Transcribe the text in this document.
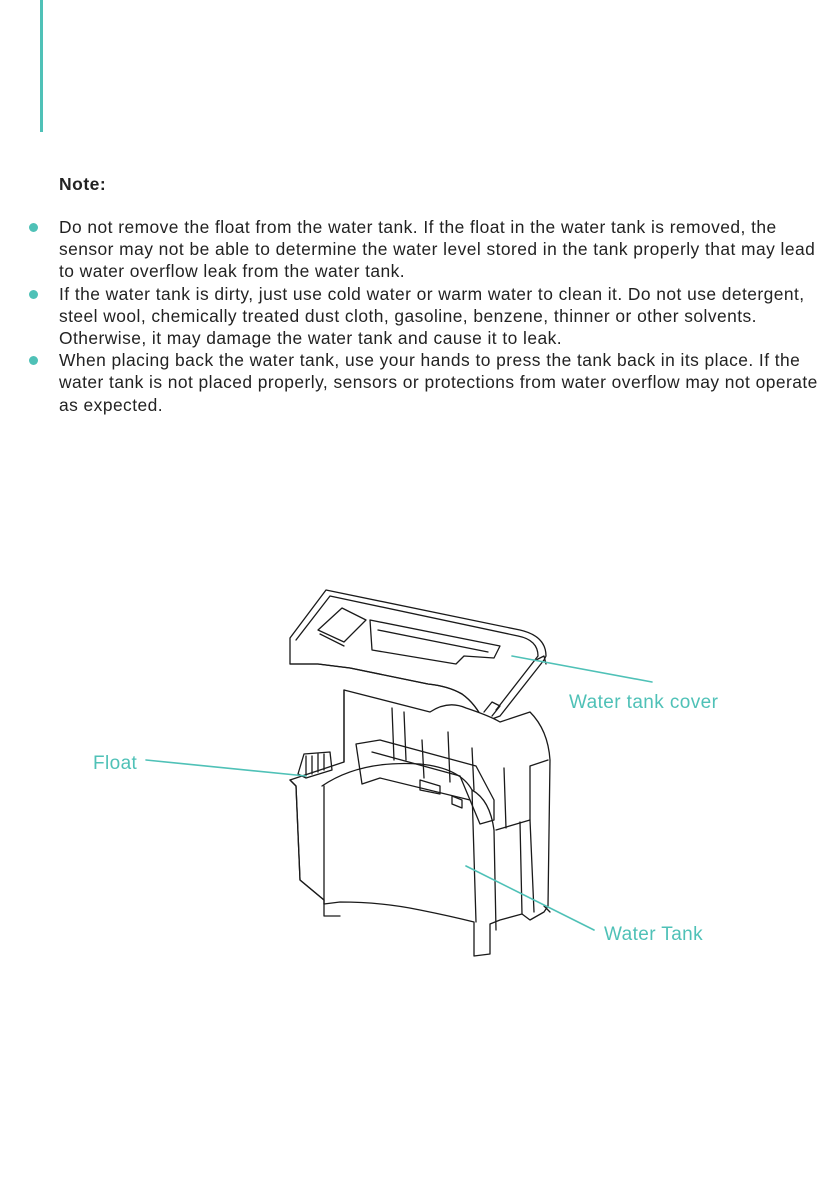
Note:
Do not remove the float from the water tank. If the float in the water tank is removed, the sensor may not be able to determine the water level stored in the tank properly that may lead to water overflow leak from the water tank.
If the water tank is dirty, just use cold water or warm water to clean it. Do not use detergent, steel wool, chemically treated dust cloth, gasoline, benzene, thinner or other solvents. Otherwise, it may damage the water tank and cause it to leak.
When placing back the water tank, use your hands to press the tank back in its place. If the water tank is not placed properly, sensors or protections from water overflow may not operate as expected.
Water tank cover
Float
Water Tank
